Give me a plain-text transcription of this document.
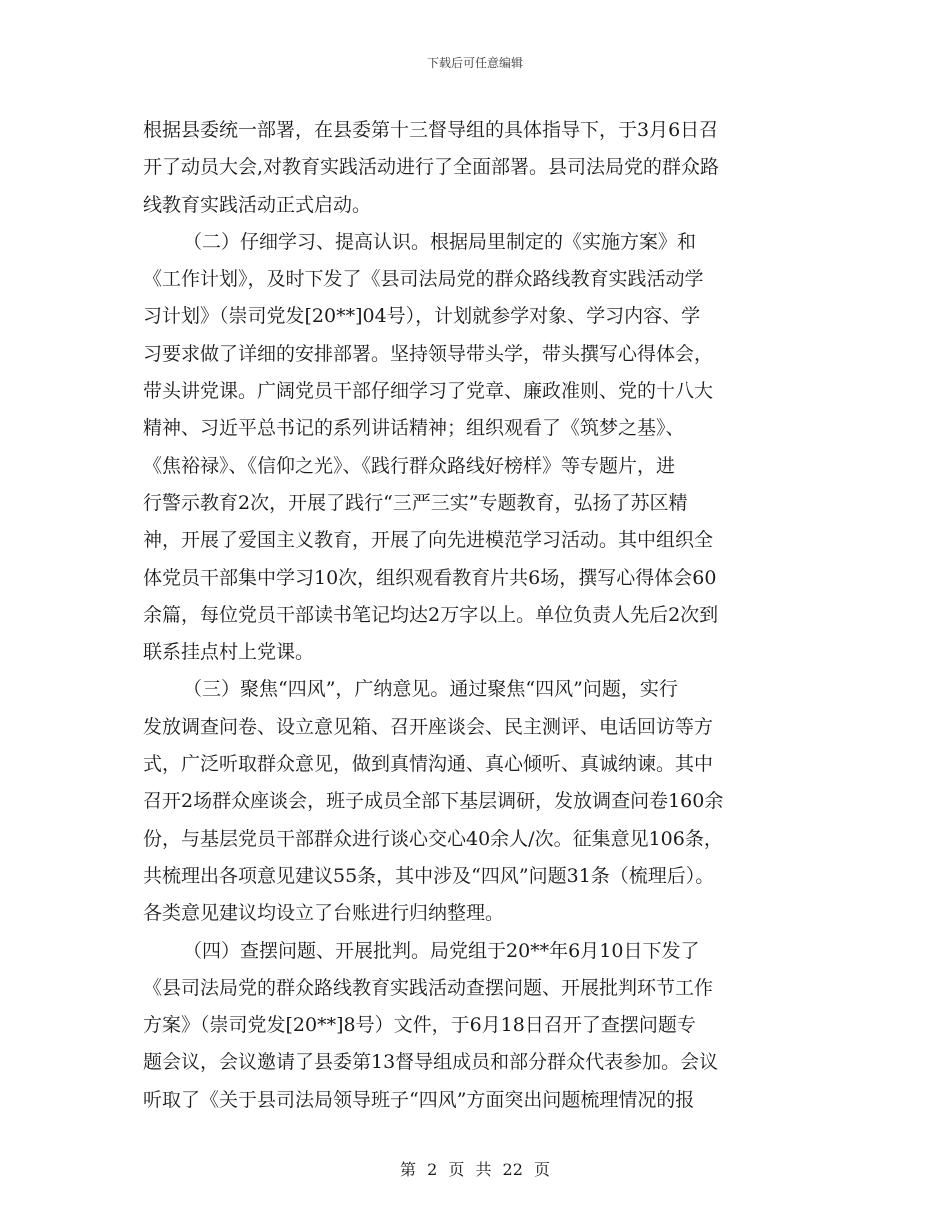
下载后可任意编辑
根据县委统一部署，在县委第十三督导组的具体指导下，于3月6日召
开了动员大会,对教育实践活动进行了全面部署。县司法局党的群众路
线教育实践活动正式启动。
（二）仔细学习、提高认识。根据局里制定的《实施方案》和
《工作计划》，及时下发了《县司法局党的群众路线教育实践活动学
习计划》（崇司党发[20**]04号），计划就参学对象、学习内容、学
习要求做了详细的安排部署。坚持领导带头学，带头撰写心得体会，
带头讲党课。广阔党员干部仔细学习了党章、廉政准则、党的十八大
精神、习近平总书记的系列讲话精神；组织观看了《筑梦之基》、
《焦裕禄》、《信仰之光》、《践行群众路线好榜样》等专题片，进
行警示教育2次，开展了践行“三严三实”专题教育，弘扬了苏区精
神，开展了爱国主义教育，开展了向先进模范学习活动。其中组织全
体党员干部集中学习10次，组织观看教育片共6场，撰写心得体会60
余篇，每位党员干部读书笔记均达2万字以上。单位负责人先后2次到
联系挂点村上党课。
（三）聚焦“四风”，广纳意见。通过聚焦“四风”问题，实行
发放调查问卷、设立意见箱、召开座谈会、民主测评、电话回访等方
式，广泛听取群众意见，做到真情沟通、真心倾听、真诚纳谏。其中
召开2场群众座谈会，班子成员全部下基层调研，发放调查问卷160余
份，与基层党员干部群众进行谈心交心40余人/次。征集意见106条，
共梳理出各项意见建议55条，其中涉及“四风”问题31条（梳理后）。
各类意见建议均设立了台账进行归纳整理。
（四）查摆问题、开展批判。局党组于20**年6月10日下发了
《县司法局党的群众路线教育实践活动查摆问题、开展批判环节工作
方案》（崇司党发[20**]8号）文件，于6月18日召开了查摆问题专
题会议，会议邀请了县委第13督导组成员和部分群众代表参加。会议
听取了《关于县司法局领导班子“四风”方面突出问题梳理情况的报
第 2 页 共 22 页
